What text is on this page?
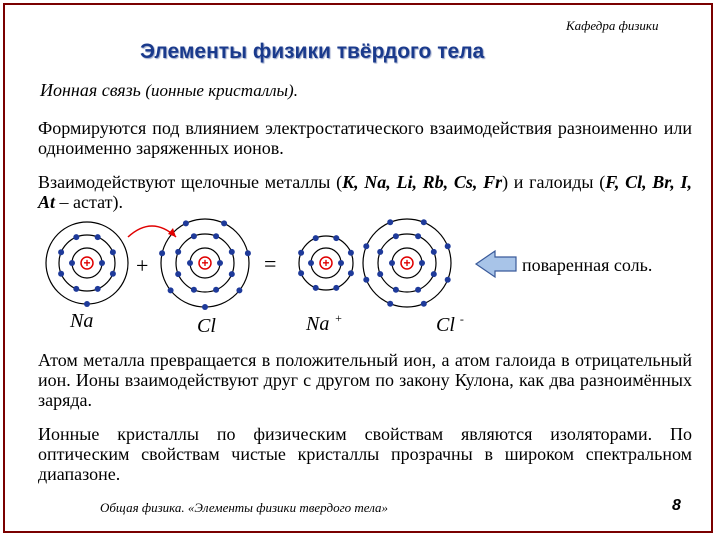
Кафедра физики
Элементы физики твёрдого тела
Ионная связь (ионные кристаллы).
Формируются под влиянием электростатического взаимодействия разноименно или одноименно заряженных ионов.
Взаимодействуют щелочные металлы (K, Na, Li, Rb, Cs, Fr) и галоиды (F, Cl, Br, I, At – астат).
+	+	+	+
+	=
Na	Cl	Na +	Cl -
поваренная соль.
Атом металла превращается в положительный ион, а атом галоида в отрицательный ион. Ионы взаимодействуют друг с другом по закону Кулона, как два разноимённых заряда.
Ионные кристаллы по физическим свойствам являются изоляторами. По оптическим свойствам чистые кристаллы прозрачны в широком спектральном диапазоне.
Общая физика. «Элементы физики твердого тела»	8
